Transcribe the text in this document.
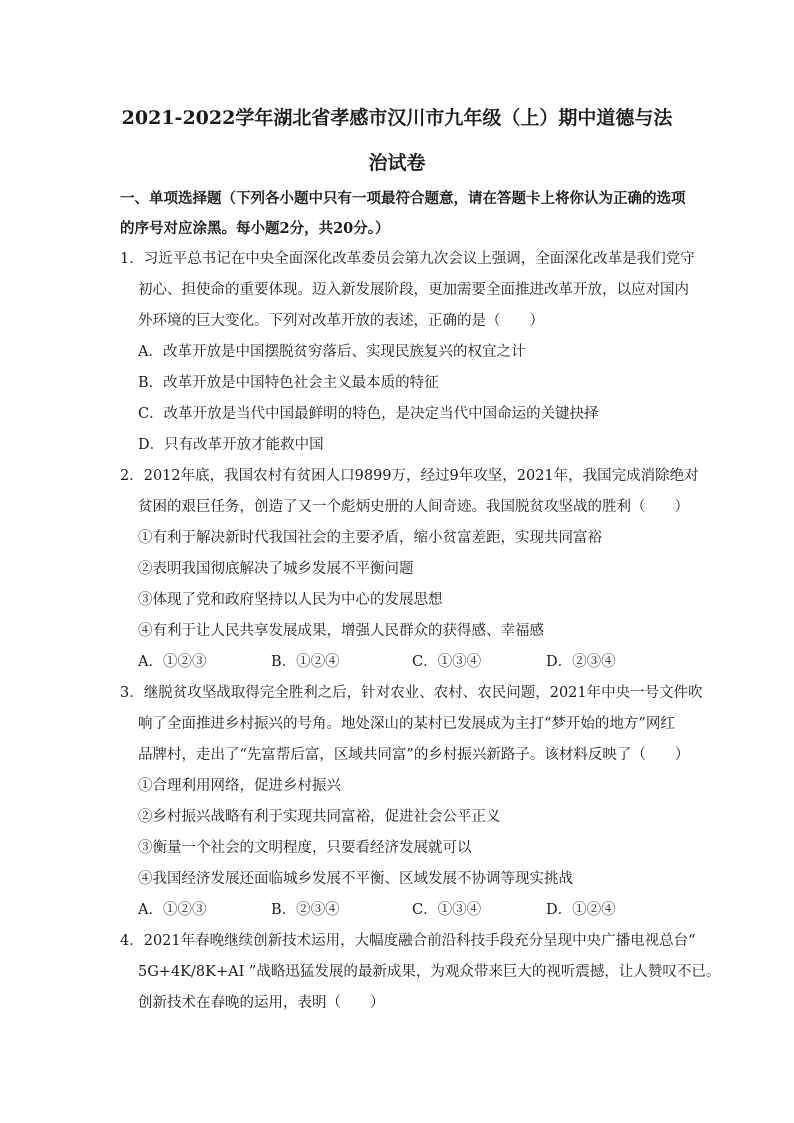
2021-2022学年湖北省孝感市汉川市九年级（上）期中道德与法
治试卷
一、单项选择题（下列各小题中只有一项最符合题意，请在答题卡上将你认为正确的选项
的序号对应涂黑。每小题2分，共20分。）
1．习近平总书记在中央全面深化改革委员会第九次会议上强调，全面深化改革是我们党守
初心、担使命的重要体现。迈入新发展阶段，更加需要全面推进改革开放，以应对国内
外环境的巨大变化。下列对改革开放的表述，正确的是（　　）
A．改革开放是中国摆脱贫穷落后、实现民族复兴的权宜之计
B．改革开放是中国特色社会主义最本质的特征
C．改革开放是当代中国最鲜明的特色，是决定当代中国命运的关键抉择
D．只有改革开放才能救中国
2．2012年底，我国农村有贫困人口9899万，经过9年攻坚，2021年，我国完成消除绝对
贫困的艰巨任务，创造了又一个彪炳史册的人间奇迹。我国脱贫攻坚战的胜利（　　）
①有利于解决新时代我国社会的主要矛盾，缩小贫富差距，实现共同富裕
②表明我国彻底解决了城乡发展不平衡问题
③体现了党和政府坚持以人民为中心的发展思想
④有利于让人民共享发展成果，增强人民群众的获得感、幸福感
A．①②③	B．①②④	C．①③④	D．②③④
3．继脱贫攻坚战取得完全胜利之后，针对农业、农村、农民问题，2021年中央一号文件吹
响了全面推进乡村振兴的号角。地处深山的某村已发展成为主打“梦开始的地方”网红
品牌村，走出了“先富帮后富，区域共同富”的乡村振兴新路子。该材料反映了（　　）
①合理利用网络，促进乡村振兴
②乡村振兴战略有利于实现共同富裕，促进社会公平正义
③衡量一个社会的文明程度，只要看经济发展就可以
④我国经济发展还面临城乡发展不平衡、区域发展不协调等现实挑战
A．①②③	B．②③④	C．①③④	D．①②④
4．2021年春晚继续创新技术运用，大幅度融合前沿科技手段充分呈现中央广播电视总台“
5G+4K/8K+AI ”战略迅猛发展的最新成果，为观众带来巨大的视听震撼，让人赞叹不已。
创新技术在春晚的运用，表明（　　）
